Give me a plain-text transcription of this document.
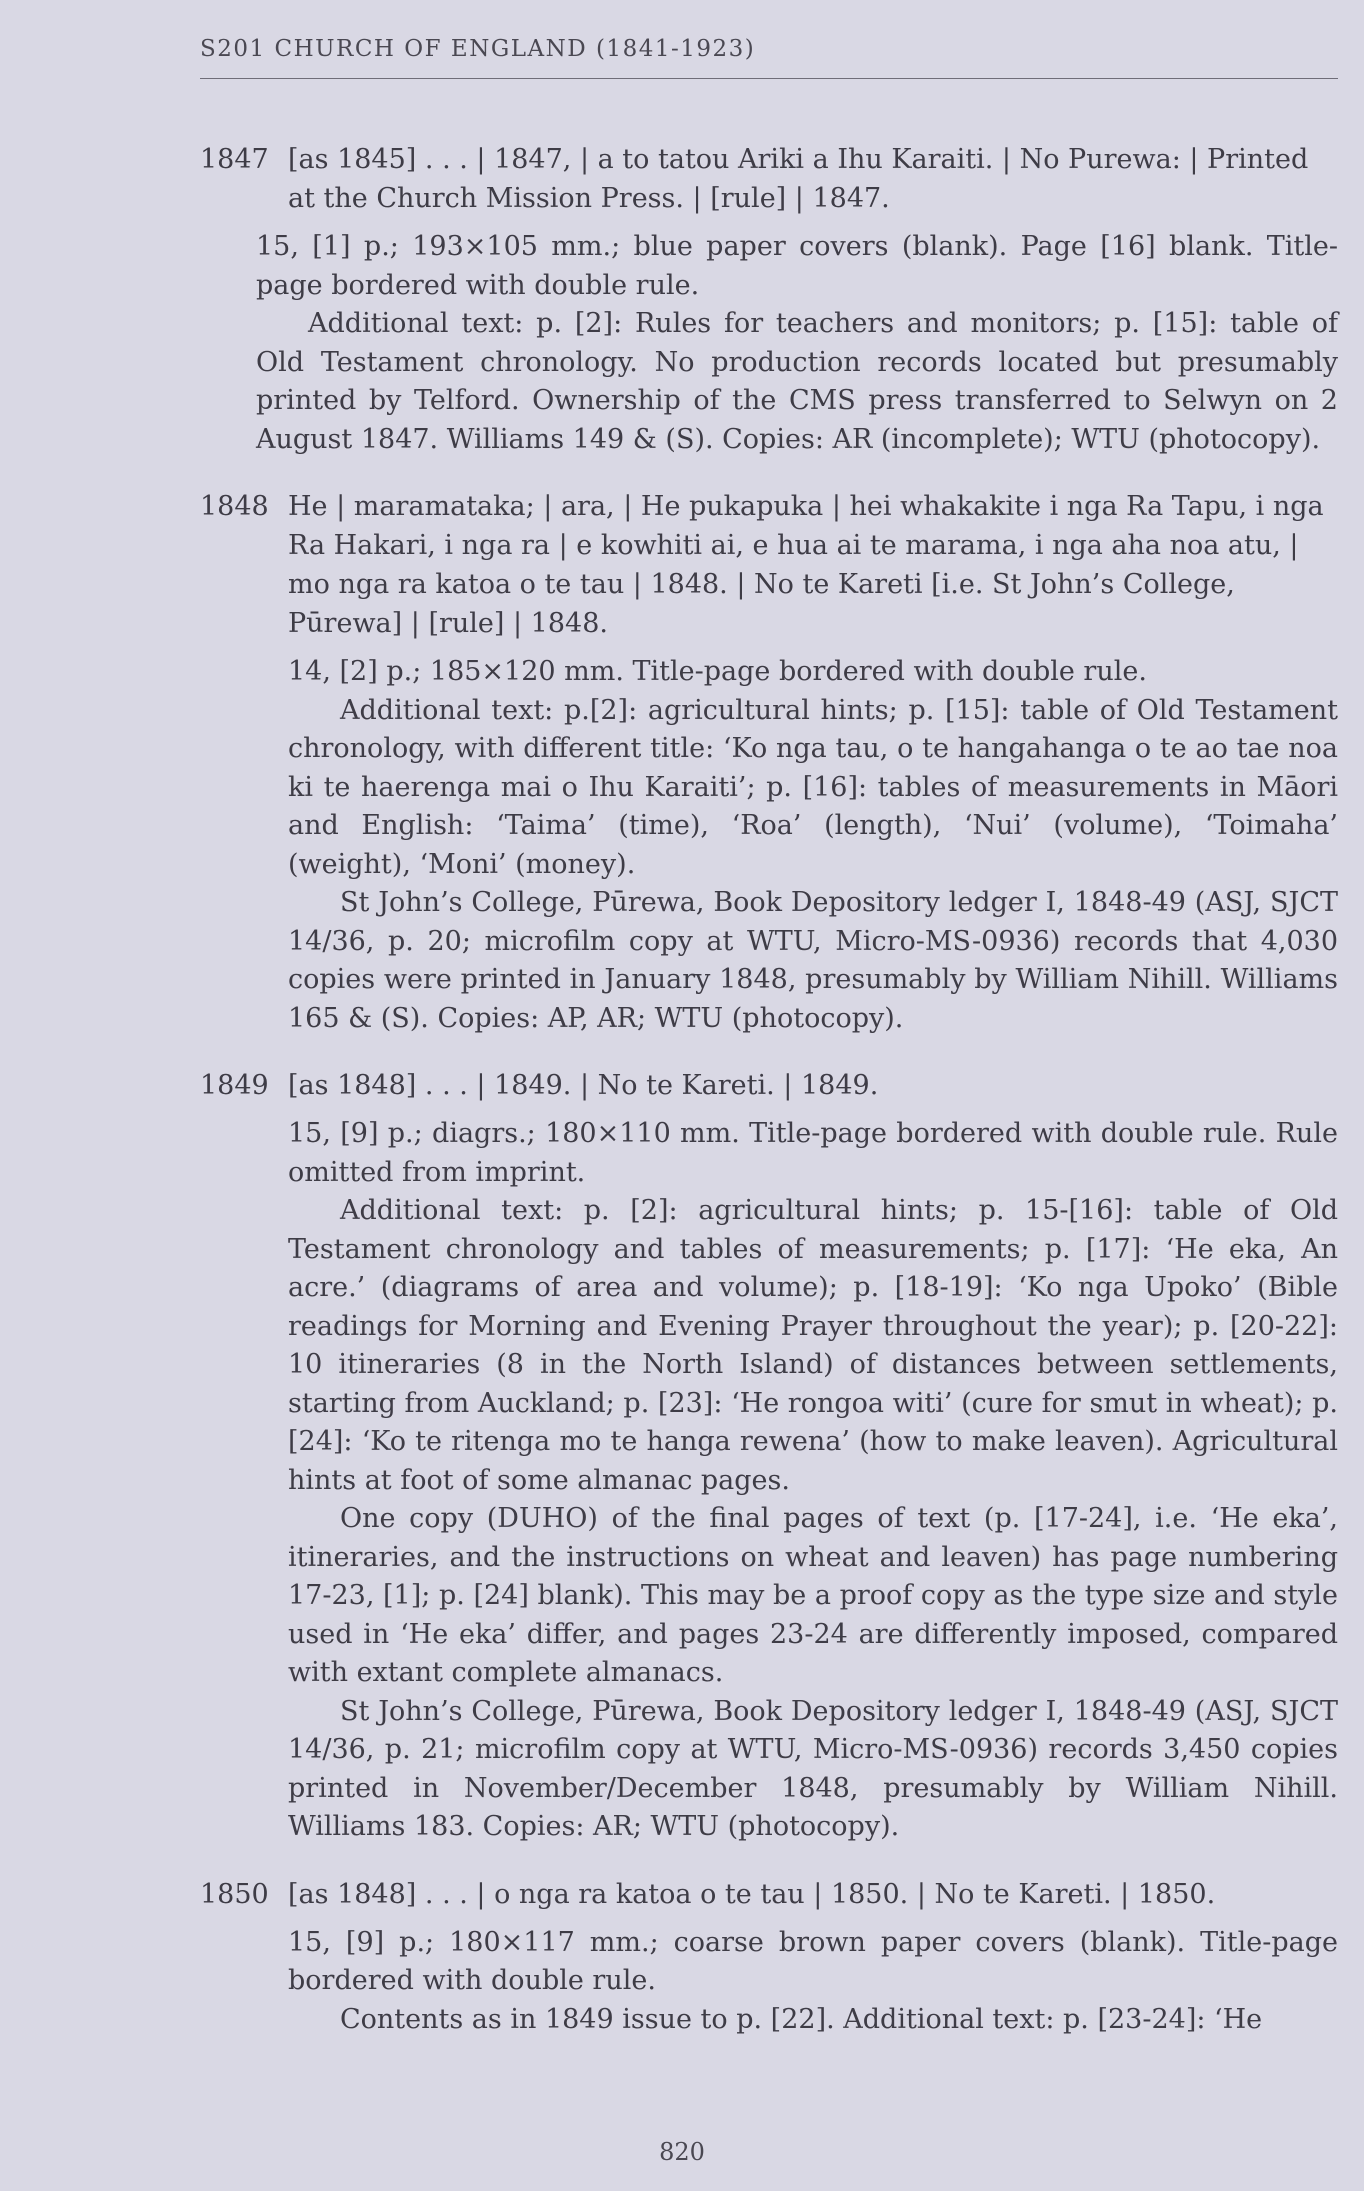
S201 CHURCH OF ENGLAND (1841-1923)
1847 [as 1845] . . . | 1847, | a to tatou Ariki a Ihu Karaiti. | No Purewa: | Printed at the Church Mission Press. | [rule] | 1847.
15, [1] p.; 193×105 mm.; blue paper covers (blank). Page [16] blank. Title-page bordered with double rule.
Additional text: p. [2]: Rules for teachers and monitors; p. [15]: table of Old Testament chronology. No production records located but presumably printed by Telford. Ownership of the CMS press transferred to Selwyn on 2 August 1847. Williams 149 & (S). Copies: AR (incomplete); WTU (photocopy).
1848 He | maramataka; | ara, | He pukapuka | hei whakakite i nga Ra Tapu, i nga Ra Hakari, i nga ra | e kowhiti ai, e hua ai te marama, i nga aha noa atu, | mo nga ra katoa o te tau | 1848. | No te Kareti [i.e. St John’s College, Pūrewa] | [rule] | 1848.
14, [2] p.; 185×120 mm. Title-page bordered with double rule.
Additional text: p.[2]: agricultural hints; p. [15]: table of Old Testament chronology, with different title: ‘Ko nga tau, o te hangahanga o te ao tae noa ki te haerenga mai o Ihu Karaiti’; p. [16]: tables of measurements in Māori and English: ‘Taima’ (time), ‘Roa’ (length), ‘Nui’ (volume), ‘Toimaha’ (weight), ‘Moni’ (money).
St John’s College, Pūrewa, Book Depository ledger I, 1848-49 (ASJ, SJCT 14/36, p. 20; microfilm copy at WTU, Micro-MS-0936) records that 4,030 copies were printed in January 1848, presumably by William Nihill. Williams 165 & (S). Copies: AP, AR; WTU (photocopy).
1849 [as 1848] . . . | 1849. | No te Kareti. | 1849.
15, [9] p.; diagrs.; 180×110 mm. Title-page bordered with double rule. Rule omitted from imprint.
Additional text: p. [2]: agricultural hints; p. 15-[16]: table of Old Testament chronology and tables of measurements; p. [17]: ‘He eka, An acre.’ (diagrams of area and volume); p. [18-19]: ‘Ko nga Upoko’ (Bible readings for Morning and Evening Prayer throughout the year); p. [20-22]: 10 itineraries (8 in the North Island) of distances between settlements, starting from Auckland; p. [23]: ‘He rongoa witi’ (cure for smut in wheat); p. [24]: ‘Ko te ritenga mo te hanga rewena’ (how to make leaven). Agricultural hints at foot of some almanac pages.
One copy (DUHO) of the final pages of text (p. [17-24], i.e. ‘He eka’, itineraries, and the instructions on wheat and leaven) has page numbering 17-23, [1]; p. [24] blank). This may be a proof copy as the type size and style used in ‘He eka’ differ, and pages 23-24 are differently imposed, compared with extant complete almanacs.
St John’s College, Pūrewa, Book Depository ledger I, 1848-49 (ASJ, SJCT 14/36, p. 21; microfilm copy at WTU, Micro-MS-0936) records 3,450 copies printed in November/December 1848, presumably by William Nihill. Williams 183. Copies: AR; WTU (photocopy).
1850 [as 1848] . . . | o nga ra katoa o te tau | 1850. | No te Kareti. | 1850.
15, [9] p.; 180×117 mm.; coarse brown paper covers (blank). Title-page bordered with double rule.
Contents as in 1849 issue to p. [22]. Additional text: p. [23-24]: ‘He
820
